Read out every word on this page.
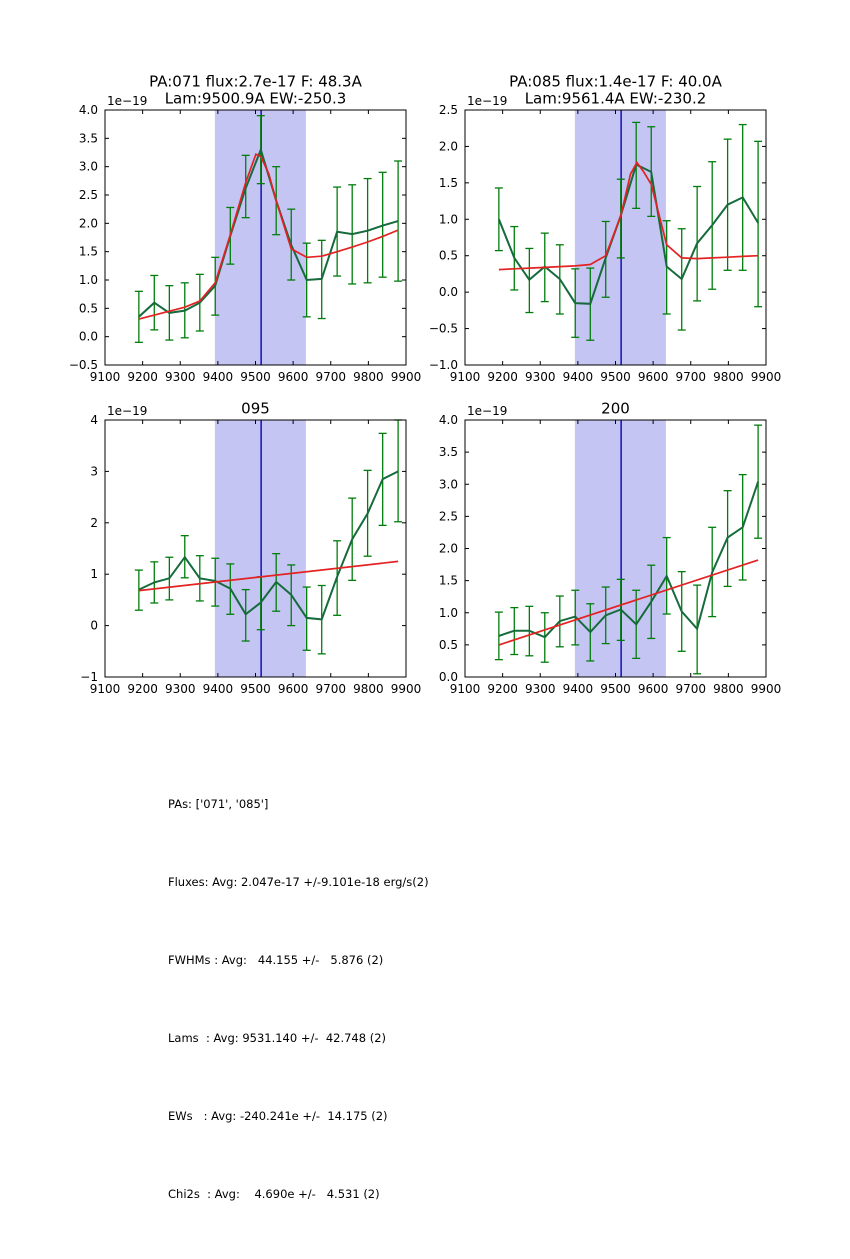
9100 9200 9300 9400 9500 9600 9700 9800 9900
−0.5
0.0
0.5
1.0
1.5
2.0
2.5
3.0
3.5
4.0
1e−19
PA:071 flux:2.7e-17 F: 48.3A
Lam:9500.9A EW:-250.3
9100 9200 9300 9400 9500 9600 9700 9800 9900
−1.0
−0.5
0.0
0.5
1.0
1.5
2.0
2.5
1e−19
PA:085 flux:1.4e-17 F: 40.0A
Lam:9561.4A EW:-230.2
9100 9200 9300 9400 9500 9600 9700 9800 9900
−1
0
1
2
3
4
1e−19	095
9100 9200 9300 9400 9500 9600 9700 9800 9900
0.0
0.5
1.0
1.5
2.0
2.5
3.0
3.5
4.0
1e−19	200

PAs: ['071', '085']

Fluxes: Avg: 2.047e-17 +/-9.101e-18 erg/s(2)

FWHMs : Avg:   44.155 +/-   5.876 (2)

Lams  : Avg: 9531.140 +/-  42.748 (2)

EWs   : Avg: -240.241e +/-  14.175 (2)

Chi2s  : Avg:    4.690e +/-   4.531 (2)
